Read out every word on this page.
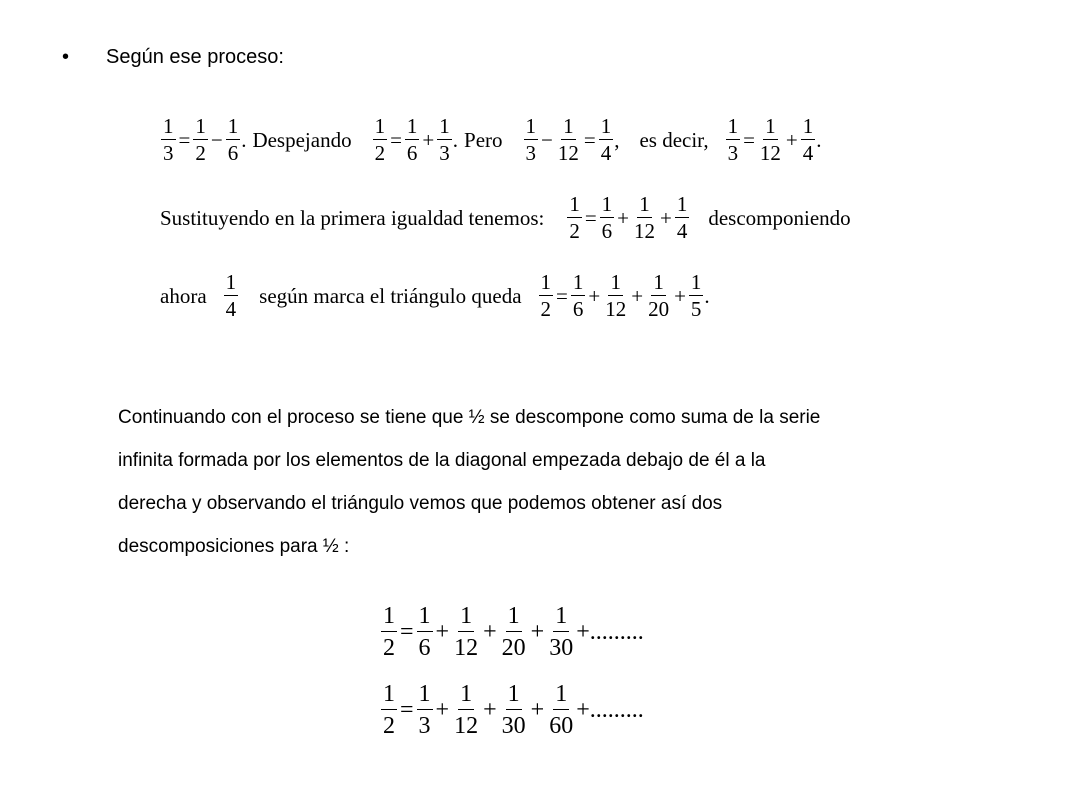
• Según ese proceso:
$\frac{1}{3} = \frac{1}{2} - \frac{1}{6}$ . Despejando $\frac{1}{2} = \frac{1}{6} + \frac{1}{3}$ . Pero $\frac{1}{3} - \frac{1}{12} = \frac{1}{4}$ , es decir, $\frac{1}{3} = \frac{1}{12} + \frac{1}{4}$ .
Sustituyendo en la primera igualdad tenemos: $\frac{1}{2} = \frac{1}{6} + \frac{1}{12} + \frac{1}{4}$ descomponiendo
ahora $\frac{1}{4}$ según marca el triángulo queda $\frac{1}{2} = \frac{1}{6} + \frac{1}{12} + \frac{1}{20} + \frac{1}{5}$ .
Continuando con el proceso se tiene que ½ se descompone como suma de la serie
infinita formada por los elementos de la diagonal empezada debajo de él a la
derecha y observando el triángulo vemos que podemos obtener así dos
descomposiciones para ½ :
$\frac{1}{2} = \frac{1}{6} + \frac{1}{12} + \frac{1}{20} + \frac{1}{30}$ +.........
$\frac{1}{2} = \frac{1}{3} + \frac{1}{12} + \frac{1}{30} + \frac{1}{60}$ +.........
